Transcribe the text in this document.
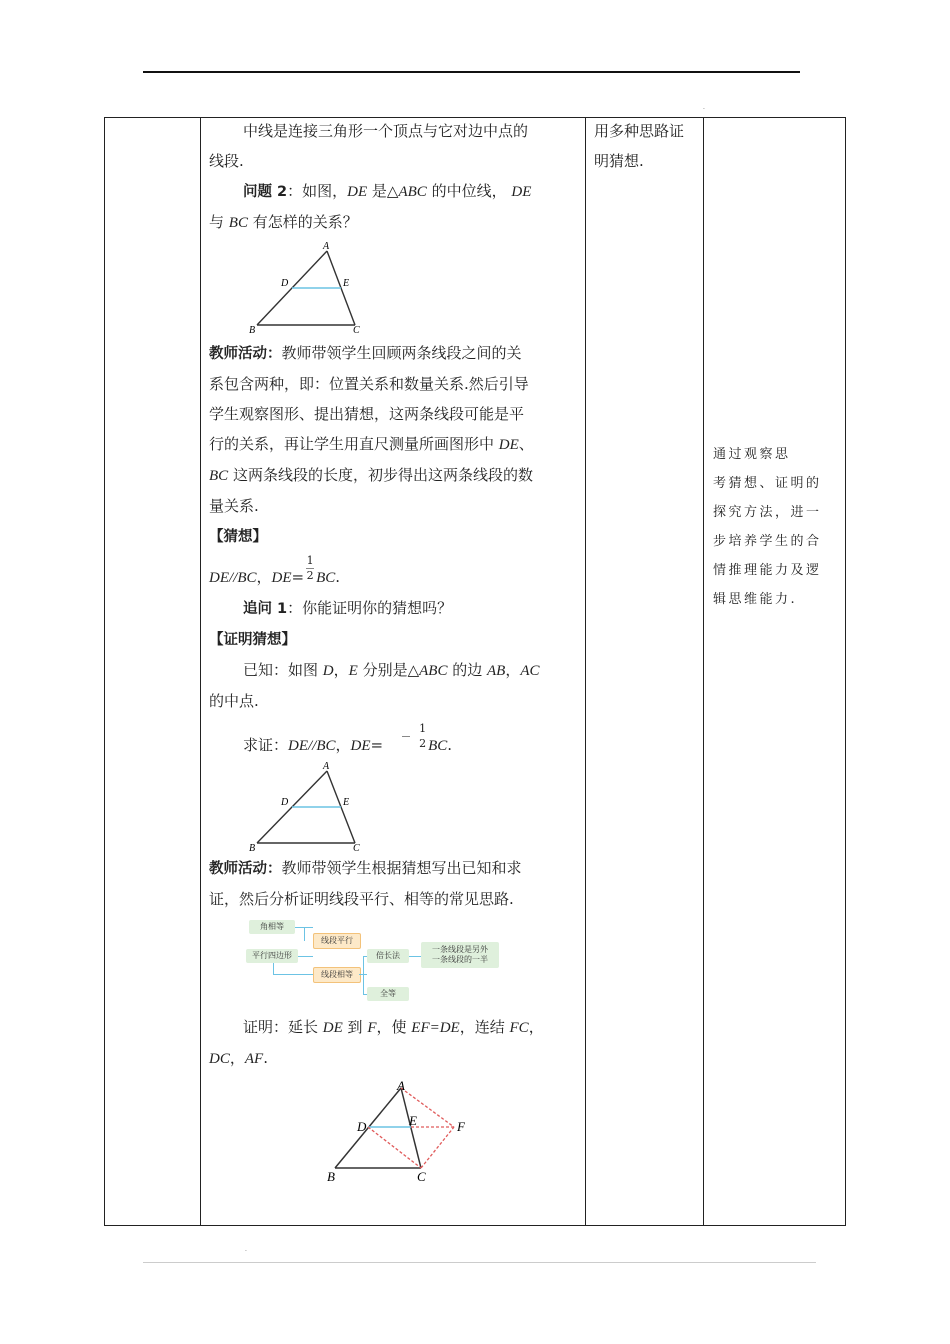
.

中线是连接三角形一个顶点与它对边中点的

线段.

问题 2：如图，DE 是△ABC 的中位线， DE

与 BC 有怎样的关系？

A
D	E
B	C

教师活动：教师带领学生回顾两条线段之间的关

系包含两种，即：位置关系和数量关系.然后引导

学生观察图形、提出猜想，这两条线段可能是平

行的关系，再让学生用直尺测量所画图形中 DE、

BC 这两条线段的长度，初步得出这两条线段的数

量关系.

【猜想】

DE//BC，$DE= \frac{1}{2}$ BC.

追问 1：你能证明你的猜想吗？

【证明猜想】

已知：如图 D，E 分别是△ABC 的边 AB，AC

的中点.

求证：DE//BC，$DE= \frac{1}{2}$ BC.

A
D	E
B	C

教师活动：教师带领学生根据猜想写出已知和求

证，然后分析证明线段平行、相等的常见思路.

角相等
线段平行
平行四边形	倍长法
一条线段是另外
一条线段的一半
线段相等
全等

证明：延长 DE 到 F，使 EF=DE，连结 FC，

DC，AF.

A
D	E	F
B	C

用多种思路证

明猜想.

通过观察思
考猜想、证明的
探究方法，进一
步培养学生的合
情推理能力及逻
辑思维能力.
.
